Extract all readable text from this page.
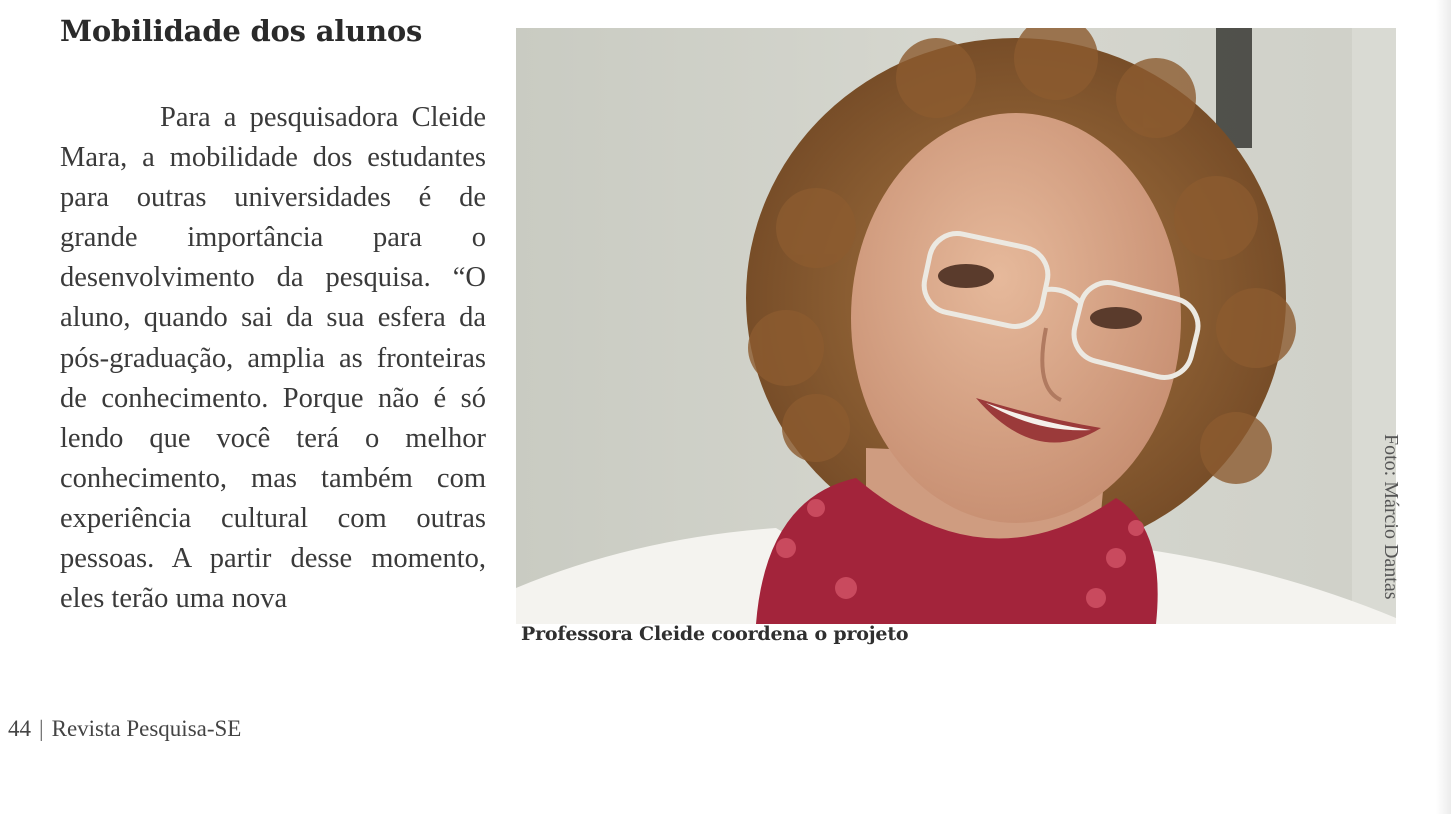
Mobilidade dos alunos

Para a pesquisadora Cleide Mara, a mobilidade dos estudantes para outras universidades é de grande importância para o desenvolvimento da pesquisa. “O aluno, quando sai da sua esfera da pós-graduação, amplia as fronteiras de conhecimento. Porque não é só lendo que você terá o melhor conhecimento, mas também com experiência cultural com outras pessoas. A partir desse momento, eles terão uma nova

Professora Cleide coordena o projeto

Foto: Márcio Dantas

44 | Revista Pesquisa-SE
